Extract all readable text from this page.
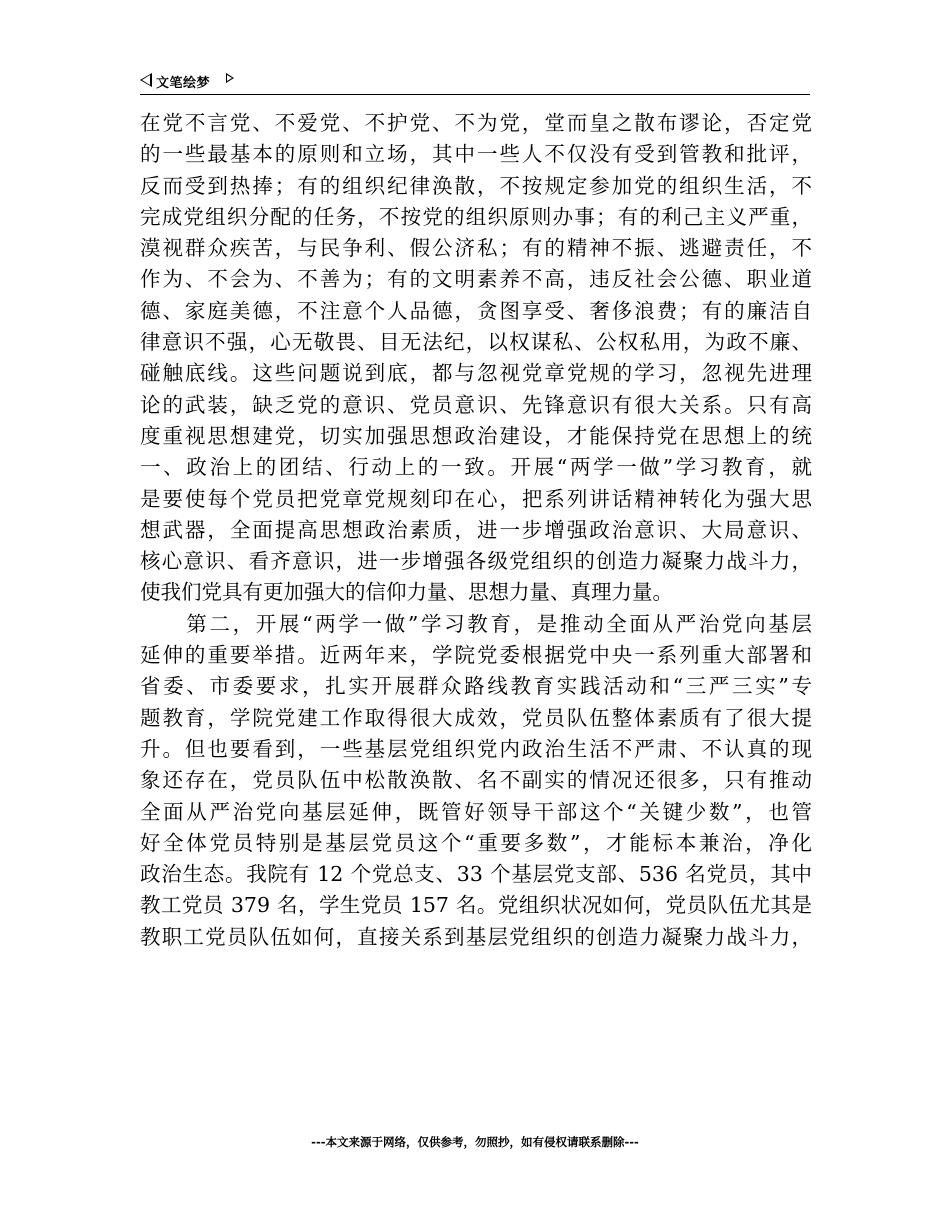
文笔绘梦
在党不言党、不爱党、不护党、不为党，堂而皇之散布谬论，否定党
的一些最基本的原则和立场，其中一些人不仅没有受到管教和批评，
反而受到热捧；有的组织纪律涣散，不按规定参加党的组织生活，不
完成党组织分配的任务，不按党的组织原则办事；有的利己主义严重，
漠视群众疾苦，与民争利、假公济私；有的精神不振、逃避责任，不
作为、不会为、不善为；有的文明素养不高，违反社会公德、职业道
德、家庭美德，不注意个人品德，贪图享受、奢侈浪费；有的廉洁自
律意识不强，心无敬畏、目无法纪，以权谋私、公权私用，为政不廉、
碰触底线。这些问题说到底，都与忽视党章党规的学习，忽视先进理
论的武装，缺乏党的意识、党员意识、先锋意识有很大关系。只有高
度重视思想建党，切实加强思想政治建设，才能保持党在思想上的统
一、政治上的团结、行动上的一致。开展“两学一做”学习教育，就
是要使每个党员把党章党规刻印在心，把系列讲话精神转化为强大思
想武器，全面提高思想政治素质，进一步增强政治意识、大局意识、
核心意识、看齐意识，进一步增强各级党组织的创造力凝聚力战斗力，
使我们党具有更加强大的信仰力量、思想力量、真理力量。
　　第二，开展“两学一做”学习教育，是推动全面从严治党向基层
延伸的重要举措。近两年来，学院党委根据党中央一系列重大部署和
省委、市委要求，扎实开展群众路线教育实践活动和“三严三实”专
题教育，学院党建工作取得很大成效，党员队伍整体素质有了很大提
升。但也要看到，一些基层党组织党内政治生活不严肃、不认真的现
象还存在，党员队伍中松散涣散、名不副实的情况还很多，只有推动
全面从严治党向基层延伸，既管好领导干部这个“关键少数”，也管
好全体党员特别是基层党员这个“重要多数”，才能标本兼治，净化
政治生态。我院有 12 个党总支、33 个基层党支部、536 名党员，其中
教工党员 379 名，学生党员 157 名。党组织状况如何，党员队伍尤其是
教职工党员队伍如何，直接关系到基层党组织的创造力凝聚力战斗力，
---本文来源于网络，仅供参考，勿照抄，如有侵权请联系删除---
